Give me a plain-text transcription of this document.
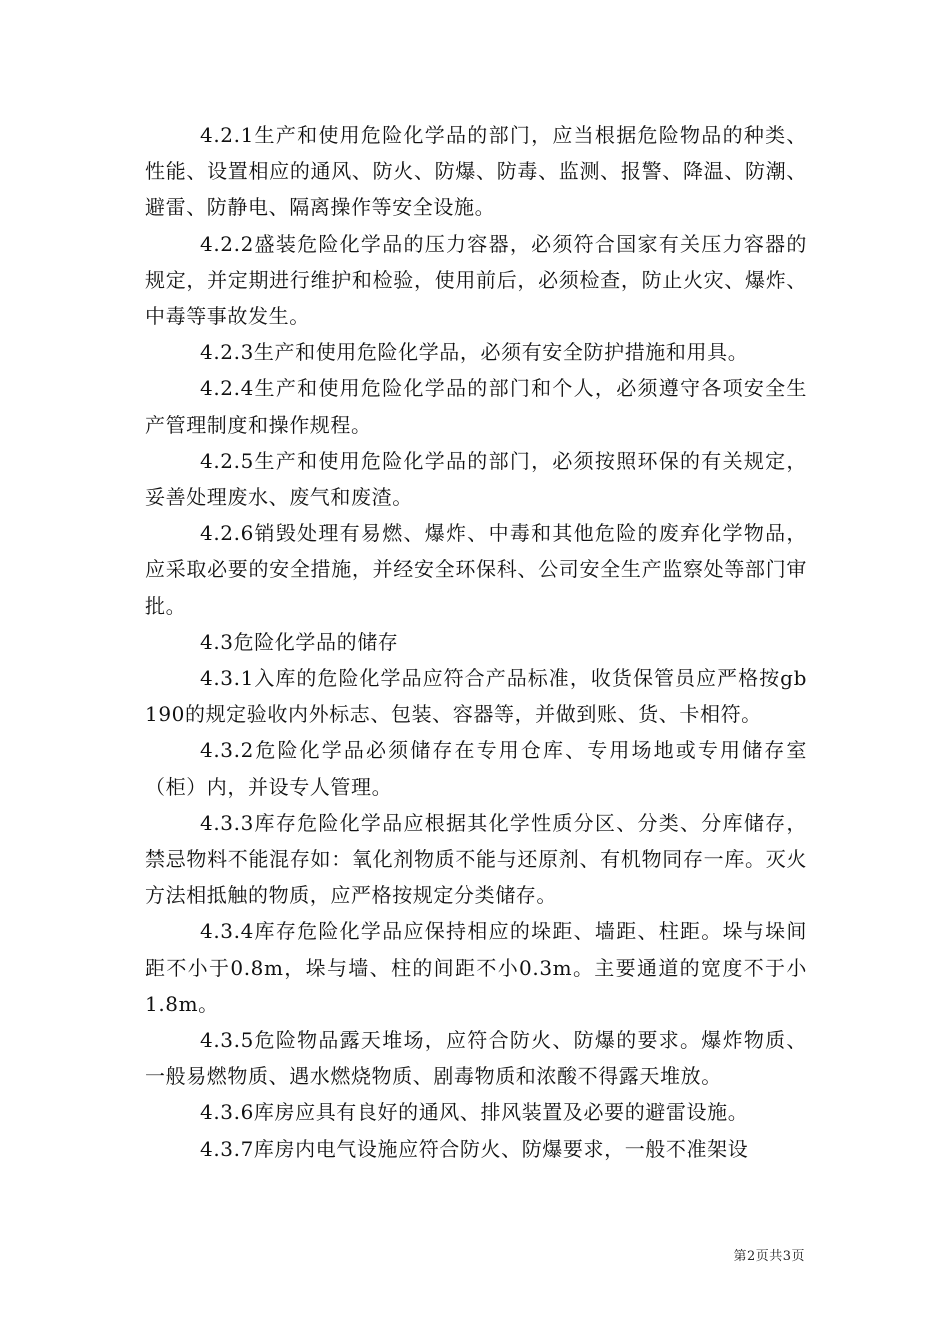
4.2.1生产和使用危险化学品的部门，应当根据危险物品的种类、性能、设置相应的通风、防火、防爆、防毒、监测、报警、降温、防潮、避雷、防静电、隔离操作等安全设施。

4.2.2盛装危险化学品的压力容器，必须符合国家有关压力容器的规定，并定期进行维护和检验，使用前后，必须检查，防止火灾、爆炸、中毒等事故发生。

4.2.3生产和使用危险化学品，必须有安全防护措施和用具。

4.2.4生产和使用危险化学品的部门和个人，必须遵守各项安全生产管理制度和操作规程。

4.2.5生产和使用危险化学品的部门，必须按照环保的有关规定，妥善处理废水、废气和废渣。

4.2.6销毁处理有易燃、爆炸、中毒和其他危险的废弃化学物品，应采取必要的安全措施，并经安全环保科、公司安全生产监察处等部门审批。

4.3危险化学品的储存

4.3.1入库的危险化学品应符合产品标准，收货保管员应严格按gb190的规定验收内外标志、包装、容器等，并做到账、货、卡相符。

4.3.2危险化学品必须储存在专用仓库、专用场地或专用储存室（柜）内，并设专人管理。

4.3.3库存危险化学品应根据其化学性质分区、分类、分库储存，禁忌物料不能混存如：氧化剂物质不能与还原剂、有机物同存一库。灭火方法相抵触的物质，应严格按规定分类储存。

4.3.4库存危险化学品应保持相应的垛距、墙距、柱距。垛与垛间距不小于0.8m，垛与墙、柱的间距不小0.3m。主要通道的宽度不于小1.8m。

4.3.5危险物品露天堆场，应符合防火、防爆的要求。爆炸物质、一般易燃物质、遇水燃烧物质、剧毒物质和浓酸不得露天堆放。

4.3.6库房应具有良好的通风、排风装置及必要的避雷设施。

4.3.7库房内电气设施应符合防火、防爆要求，一般不准架设

第2页共3页
